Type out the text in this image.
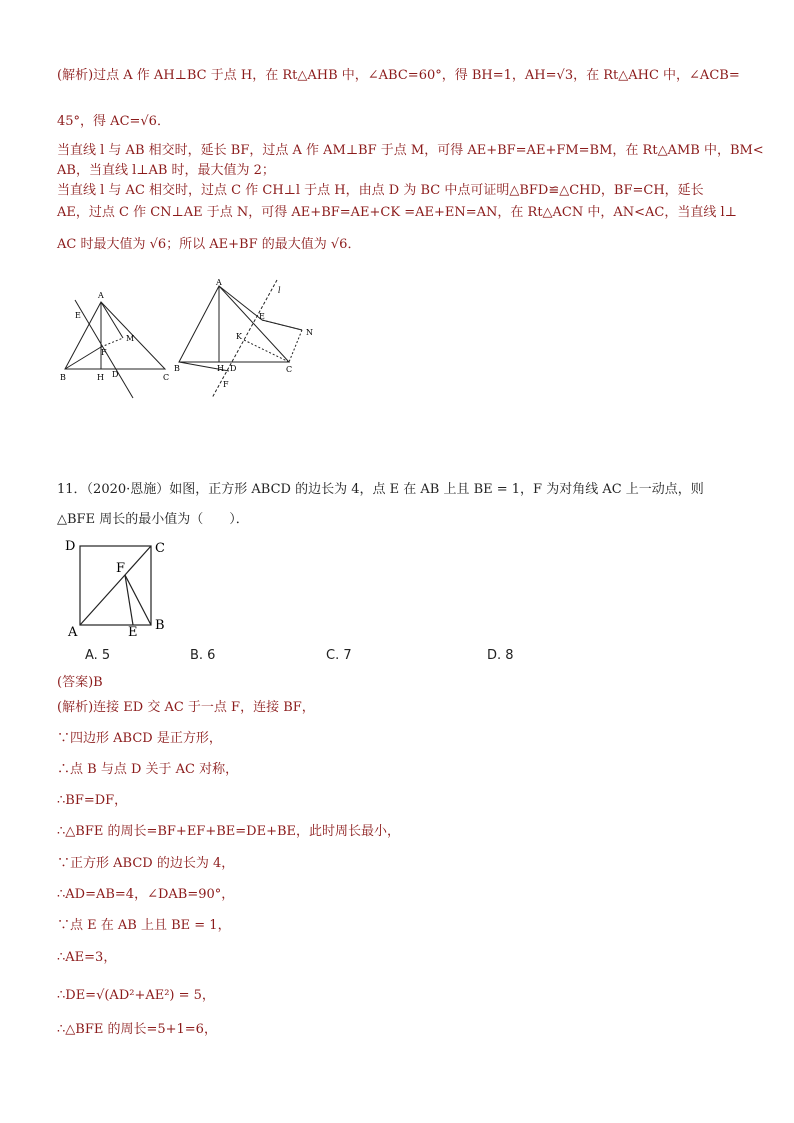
(解析)过点 A 作 AH⊥BC 于点 H，在 Rt△AHB 中，∠ABC=60°，得 BH=1，AH=√3，在 Rt△AHC 中，∠ACB=
45°，得 AC=√6．
当直线 l 与 AB 相交时，延长 BF，过点 A 作 AM⊥BF 于点 M，可得 AE+BF=AE+FM=BM，在 Rt△AMB 中，BM<
AB，当直线 l⊥AB 时，最大值为 2；
当直线 l 与 AC 相交时，过点 C 作 CH⊥l 于点 H，由点 D 为 BC 中点可证明△BFD≌△CHD，BF=CH，延长
AE，过点 C 作 CN⊥AE 于点 N，可得 AE+BF=AE+CK =AE+EN=AN，在 Rt△ACN 中，AN<AC，当直线 l⊥
AC 时最大值为 √6；所以 AE+BF 的最大值为 √6．
A
E
M
F
B	H D	C
A
l
E
N
K
B	H D	C
F
11．（2020·恩施）如图，正方形 ABCD 的边长为 4，点 E 在 AB 上且 BE = 1，F 为对角线 AC 上一动点，则
△BFE 周长的最小值为（　　）．
D	C
F
A	E B
A. 5	B. 6	C. 7	D. 8
(答案)B
(解析)连接 ED 交 AC 于一点 F，连接 BF，
∵四边形 ABCD 是正方形，
∴点 B 与点 D 关于 AC 对称，
∴BF=DF，
∴△BFE 的周长=BF+EF+BE=DE+BE，此时周长最小，
∵正方形 ABCD 的边长为 4，
∴AD=AB=4，∠DAB=90°，
∵点 E 在 AB 上且 BE = 1，
∴AE=3，
∴DE=√(AD²+AE²) = 5，
∴△BFE 的周长=5+1=6，
